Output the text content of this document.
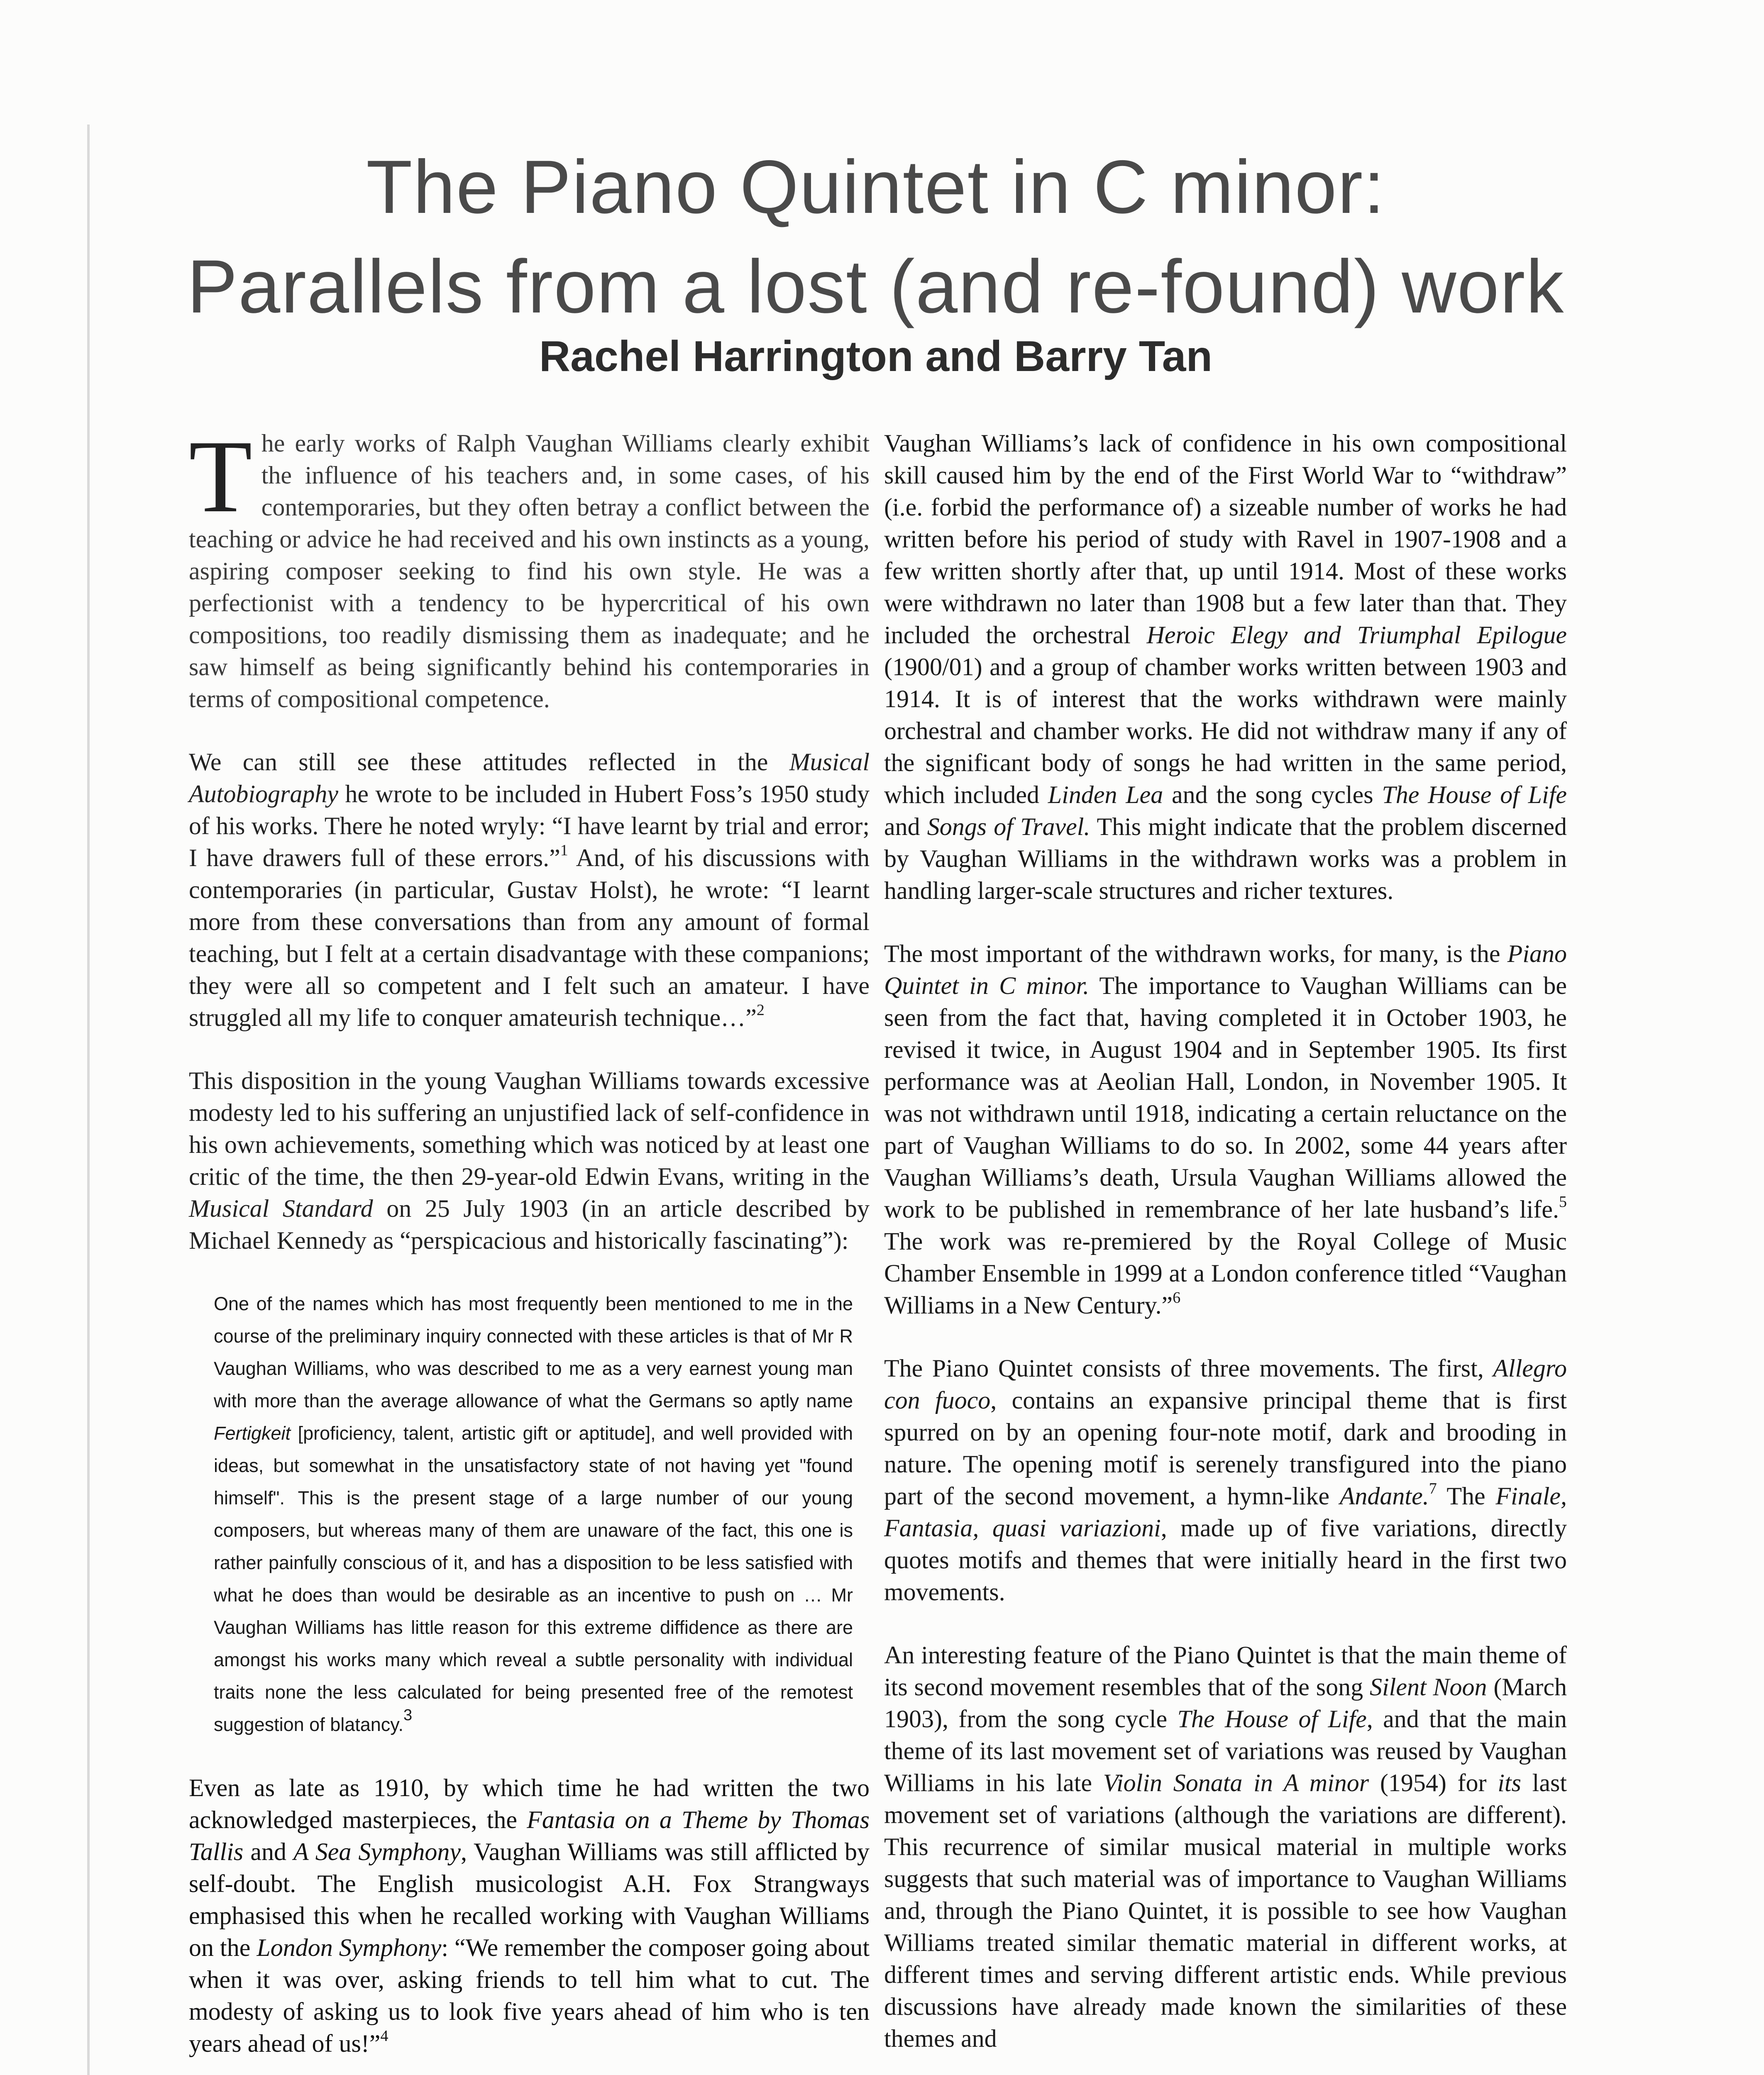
The Piano Quintet in C minor:
Parallels from a lost (and re-found) work
Rachel Harrington and Barry Tan

The early works of Ralph Vaughan Williams clearly exhibit the influence of his teachers and, in some cases, of his contemporaries, but they often betray a conflict between the teaching or advice he had received and his own instincts as a young, aspiring composer seeking to find his own style. He was a perfectionist with a tendency to be hypercritical of his own compositions, too readily dismissing them as inadequate; and he saw himself as being significantly behind his contemporaries in terms of compositional competence.

We can still see these attitudes reflected in the Musical Autobiography he wrote to be included in Hubert Foss’s 1950 study of his works. There he noted wryly: “I have learnt by trial and error; I have drawers full of these errors.”$^1$ And, of his discussions with contemporaries (in particular, Gustav Holst), he wrote: “I learnt more from these conversations than from any amount of formal teaching, but I felt at a certain disadvantage with these companions; they were all so competent and I felt such an amateur. I have struggled all my life to conquer amateurish technique…”$^2$

This disposition in the young Vaughan Williams towards excessive modesty led to his suffering an unjustified lack of self-confidence in his own achievements, something which was noticed by at least one critic of the time, the then 29-year-old Edwin Evans, writing in the Musical Standard on 25 July 1903 (in an article described by Michael Kennedy as “perspicacious and historically fascinating”):

One of the names which has most frequently been mentioned to me in the course of the preliminary inquiry connected with these articles is that of Mr R Vaughan Williams, who was described to me as a very earnest young man with more than the average allowance of what the Germans so aptly name Fertigkeit [proficiency, talent, artistic gift or aptitude], and well provided with ideas, but somewhat in the unsatisfactory state of not having yet "found himself". This is the present stage of a large number of our young composers, but whereas many of them are unaware of the fact, this one is rather painfully conscious of it, and has a disposition to be less satisfied with what he does than would be desirable as an incentive to push on … Mr Vaughan Williams has little reason for this extreme diffidence as there are amongst his works many which reveal a subtle personality with individual traits none the less calculated for being presented free of the remotest suggestion of blatancy.$^3$

Even as late as 1910, by which time he had written the two acknowledged masterpieces, the Fantasia on a Theme by Thomas Tallis and A Sea Symphony, Vaughan Williams was still afflicted by self-doubt. The English musicologist A.H. Fox Strangways emphasised this when he recalled working with Vaughan Williams on the London Symphony: “We remember the composer going about when it was over, asking friends to tell him what to cut. The modesty of asking us to look five years ahead of him who is ten years ahead of us!”$^4$

Vaughan Williams’s lack of confidence in his own compositional skill caused him by the end of the First World War to “withdraw” (i.e. forbid the performance of) a sizeable number of works he had written before his period of study with Ravel in 1907-1908 and a few written shortly after that, up until 1914. Most of these works were withdrawn no later than 1908 but a few later than that. They included the orchestral Heroic Elegy and Triumphal Epilogue (1900/01) and a group of chamber works written between 1903 and 1914. It is of interest that the works withdrawn were mainly orchestral and chamber works. He did not withdraw many if any of the significant body of songs he had written in the same period, which included Linden Lea and the song cycles The House of Life and Songs of Travel. This might indicate that the problem discerned by Vaughan Williams in the withdrawn works was a problem in handling larger-scale structures and richer textures.

The most important of the withdrawn works, for many, is the Piano Quintet in C minor. The importance to Vaughan Williams can be seen from the fact that, having completed it in October 1903, he revised it twice, in August 1904 and in September 1905. Its first performance was at Aeolian Hall, London, in November 1905. It was not withdrawn until 1918, indicating a certain reluctance on the part of Vaughan Williams to do so. In 2002, some 44 years after Vaughan Williams’s death, Ursula Vaughan Williams allowed the work to be published in remembrance of her late husband’s life.$^5$ The work was re-premiered by the Royal College of Music Chamber Ensemble in 1999 at a London conference titled “Vaughan Williams in a New Century.”$^6$

The Piano Quintet consists of three movements. The first, Allegro con fuoco, contains an expansive principal theme that is first spurred on by an opening four-note motif, dark and brooding in nature. The opening motif is serenely transfigured into the piano part of the second movement, a hymn-like Andante.$^7$ The Finale, Fantasia, quasi variazioni, made up of five variations, directly quotes motifs and themes that were initially heard in the first two movements.

An interesting feature of the Piano Quintet is that the main theme of its second movement resembles that of the song Silent Noon (March 1903), from the song cycle The House of Life, and that the main theme of its last movement set of variations was reused by Vaughan Williams in his late Violin Sonata in A minor (1954) for its last movement set of variations (although the variations are different). This recurrence of similar musical material in multiple works suggests that such material was of importance to Vaughan Williams and, through the Piano Quintet, it is possible to see how Vaughan Williams treated similar thematic material in different works, at different times and serving different artistic ends. While previous discussions have already made known the similarities of these themes and
